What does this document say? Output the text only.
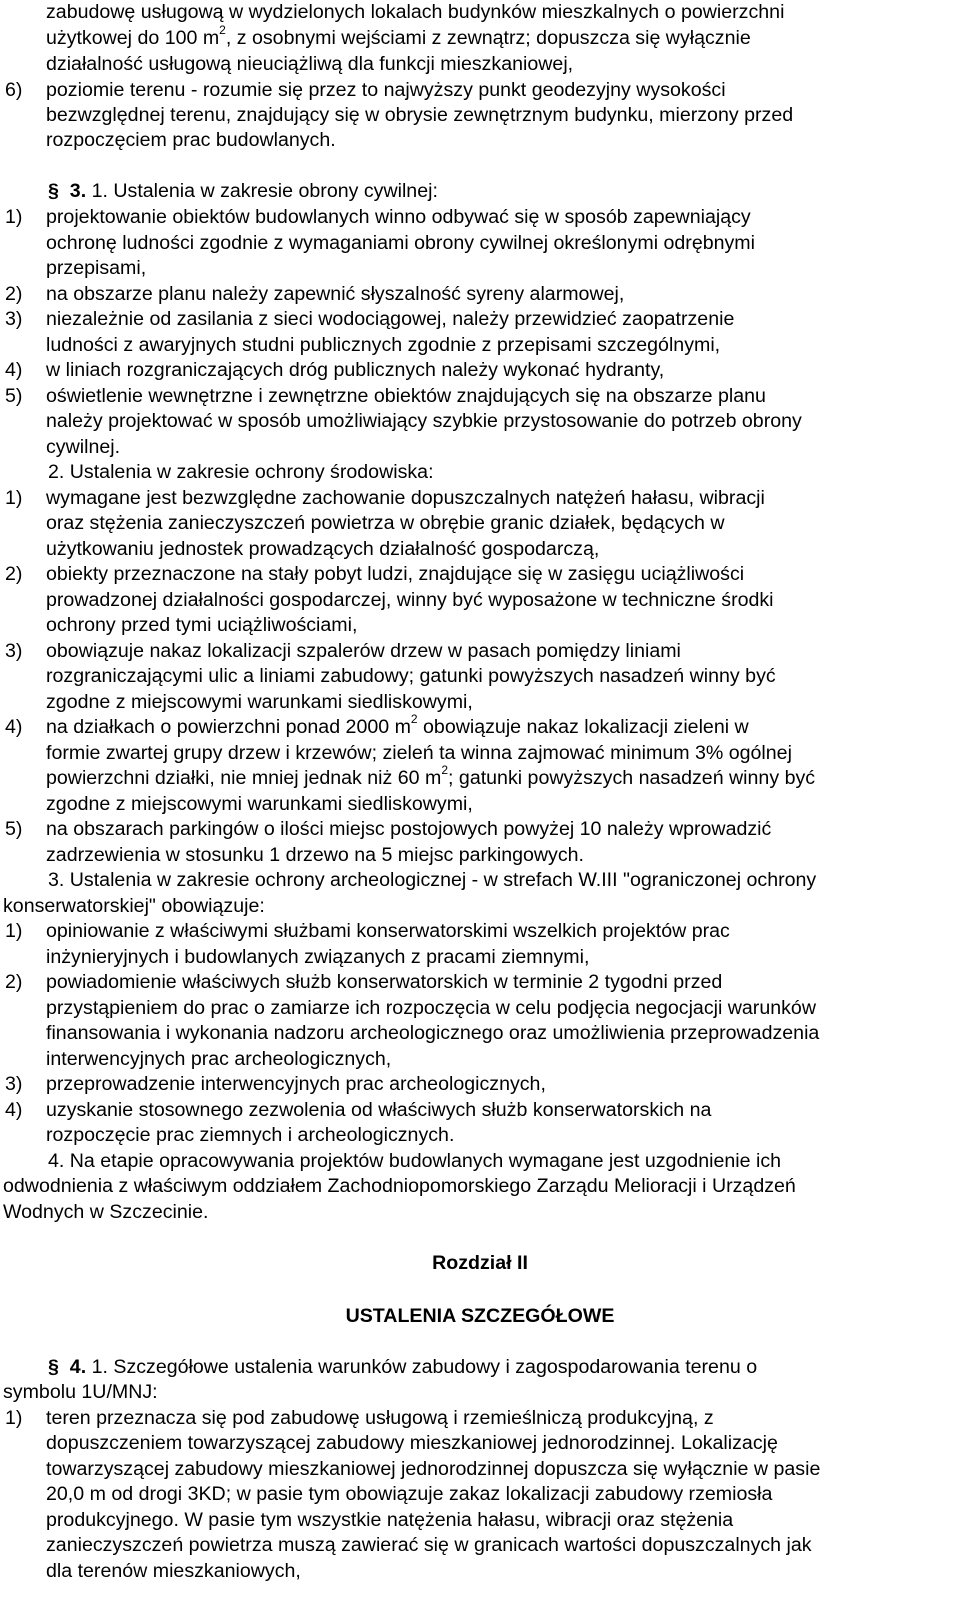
zabudowę usługową w wydzielonych lokalach budynków mieszkalnych o powierzchni
użytkowej do 100 $m^2$, z osobnymi wejściami z zewnątrz; dopuszcza się wyłącznie
działalność usługową nieuciążliwą dla funkcji mieszkaniowej,
6) poziomie terenu - rozumie się przez to najwyższy punkt geodezyjny wysokości
bezwzględnej terenu, znajdujący się w obrysie zewnętrznym budynku, mierzony przed
rozpoczęciem prac budowlanych.
§ 3. 1. Ustalenia w zakresie obrony cywilnej:
1) projektowanie obiektów budowlanych winno odbywać się w sposób zapewniający
ochronę ludności zgodnie z wymaganiami obrony cywilnej określonymi odrębnymi
przepisami,
2) na obszarze planu należy zapewnić słyszalność syreny alarmowej,
3) niezależnie od zasilania z sieci wodociągowej, należy przewidzieć zaopatrzenie
ludności z awaryjnych studni publicznych zgodnie z przepisami szczególnymi,
4) w liniach rozgraniczających dróg publicznych należy wykonać hydranty,
5) oświetlenie wewnętrzne i zewnętrzne obiektów znajdujących się na obszarze planu
należy projektować w sposób umożliwiający szybkie przystosowanie do potrzeb obrony
cywilnej.
2. Ustalenia w zakresie ochrony środowiska:
1) wymagane jest bezwzględne zachowanie dopuszczalnych natężeń hałasu, wibracji
oraz stężenia zanieczyszczeń powietrza w obrębie granic działek, będących w
użytkowaniu jednostek prowadzących działalność gospodarczą,
2) obiekty przeznaczone na stały pobyt ludzi, znajdujące się w zasięgu uciążliwości
prowadzonej działalności gospodarczej, winny być wyposażone w techniczne środki
ochrony przed tymi uciążliwościami,
3) obowiązuje nakaz lokalizacji szpalerów drzew w pasach pomiędzy liniami
rozgraniczającymi ulic a liniami zabudowy; gatunki powyższych nasadzeń winny być
zgodne z miejscowymi warunkami siedliskowymi,
4) na działkach o powierzchni ponad 2000 $m^2$ obowiązuje nakaz lokalizacji zieleni w
formie zwartej grupy drzew i krzewów; zieleń ta winna zajmować minimum 3% ogólnej
powierzchni działki, nie mniej jednak niż 60 $m^2$; gatunki powyższych nasadzeń winny być
zgodne z miejscowymi warunkami siedliskowymi,
5) na obszarach parkingów o ilości miejsc postojowych powyżej 10 należy wprowadzić
zadrzewienia w stosunku 1 drzewo na 5 miejsc parkingowych.
3. Ustalenia w zakresie ochrony archeologicznej - w strefach W.III "ograniczonej ochrony
konserwatorskiej" obowiązuje:
1) opiniowanie z właściwymi służbami konserwatorskimi wszelkich projektów prac
inżynieryjnych i budowlanych związanych z pracami ziemnymi,
2) powiadomienie właściwych służb konserwatorskich w terminie 2 tygodni przed
przystąpieniem do prac o zamiarze ich rozpoczęcia w celu podjęcia negocjacji warunków
finansowania i wykonania nadzoru archeologicznego oraz umożliwienia przeprowadzenia
interwencyjnych prac archeologicznych,
3) przeprowadzenie interwencyjnych prac archeologicznych,
4) uzyskanie stosownego zezwolenia od właściwych służb konserwatorskich na
rozpoczęcie prac ziemnych i archeologicznych.
4. Na etapie opracowywania projektów budowlanych wymagane jest uzgodnienie ich
odwodnienia z właściwym oddziałem Zachodniopomorskiego Zarządu Melioracji i Urządzeń
Wodnych w Szczecinie.
Rozdział II
USTALENIA SZCZEGÓŁOWE
§ 4. 1. Szczegółowe ustalenia warunków zabudowy i zagospodarowania terenu o
symbolu 1U/MNJ:
1) teren przeznacza się pod zabudowę usługową i rzemieślniczą produkcyjną, z
dopuszczeniem towarzyszącej zabudowy mieszkaniowej jednorodzinnej. Lokalizację
towarzyszącej zabudowy mieszkaniowej jednorodzinnej dopuszcza się wyłącznie w pasie
20,0 m od drogi 3KD; w pasie tym obowiązuje zakaz lokalizacji zabudowy rzemiosła
produkcyjnego. W pasie tym wszystkie natężenia hałasu, wibracji oraz stężenia
zanieczyszczeń powietrza muszą zawierać się w granicach wartości dopuszczalnych jak
dla terenów mieszkaniowych,
